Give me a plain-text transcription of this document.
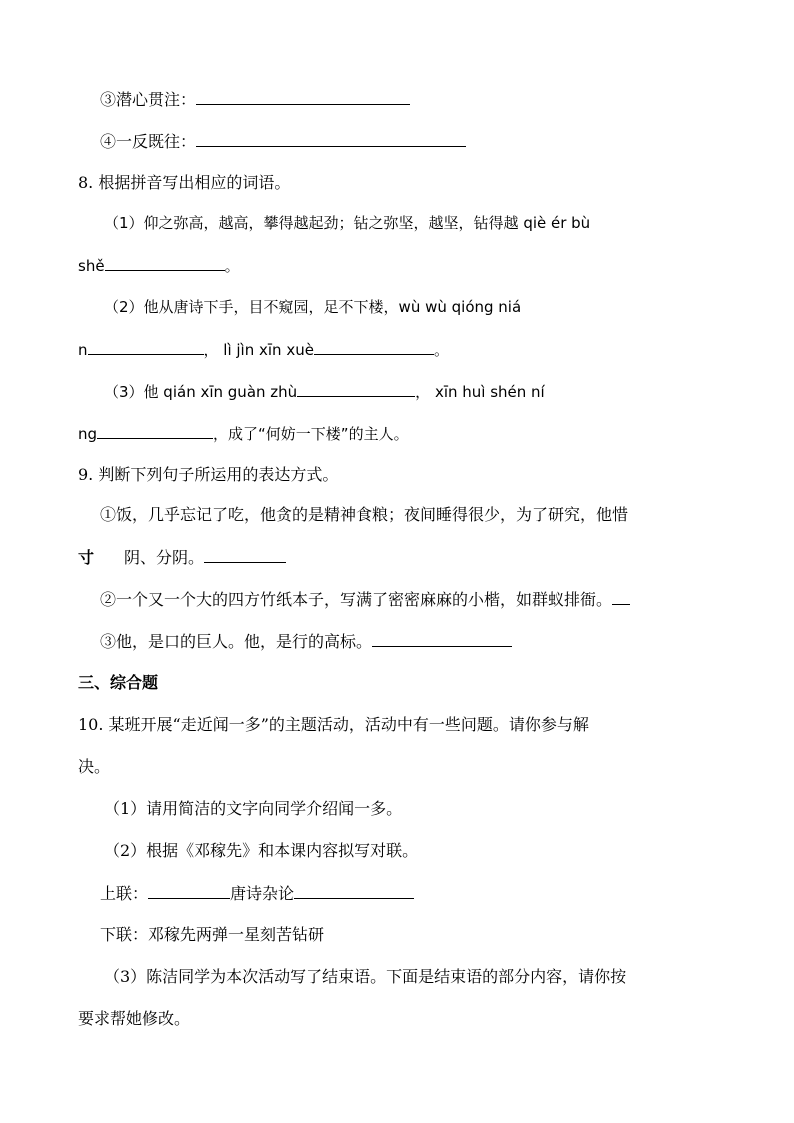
③潜心贯注：
④一反既往：
8. 根据拼音写出相应的词语。
（1）仰之弥高，越高，攀得越起劲；钻之弥坚，越坚，钻得越 qiè ér bù
shě	。
（2）他从唐诗下手，目不窥园，足不下楼，wù wù qióng niá
n	， lì jìn xīn xuè	。
（3）他 qián xīn guàn zhù	， xīn huì shén ní
ng	，成了“何妨一下楼”的主人。
9. 判断下列句子所运用的表达方式。
①饭，几乎忘记了吃，他贪的是精神食粮；夜间睡得很少，为了研究，他惜
寸 阴、分阴。
②一个又一个大的四方竹纸本子，写满了密密麻麻的小楷，如群蚁排衙。
③他，是口的巨人。他，是行的高标。
三、综合题
10. 某班开展“走近闻一多”的主题活动，活动中有一些问题。请你参与解
决。
（1）请用简洁的文字向同学介绍闻一多。
（2）根据《邓稼先》和本课内容拟写对联。
上联：	唐诗杂论
下联：邓稼先两弹一星刻苦钻研
（3）陈洁同学为本次活动写了结束语。下面是结束语的部分内容，请你按
要求帮她修改。
